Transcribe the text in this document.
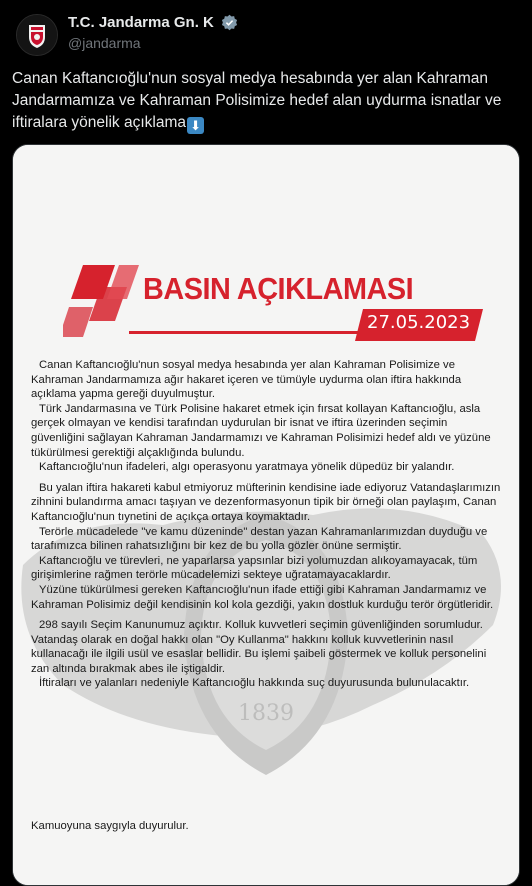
T.C. Jandarma Gn. K
@jandarma
Canan Kaftancıoğlu'nun sosyal medya hesabında yer alan Kahraman Jandarmamıza ve Kahraman Polisimize hedef alan uydurma isnatlar ve iftiralara yönelik açıklama ⬇
1839
BASIN AÇIKLAMASI
27.05.2023

Canan Kaftancıoğlu'nun sosyal medya hesabında yer alan Kahraman Polisimize ve Kahraman Jandarmamıza ağır hakaret içeren ve tümüyle uydurma olan iftira hakkında açıklama yapma gereği duyulmuştur.

Türk Jandarmasına ve Türk Polisine hakaret etmek için fırsat kollayan Kaftancıoğlu, asla gerçek olmayan ve kendisi tarafından uydurulan bir isnat ve iftira üzerinden seçimin güvenliğini sağlayan Kahraman Jandarmamızı ve Kahraman Polisimizi hedef aldı ve yüzüne tükürülmesi gerektiği alçaklığında bulundu.

Kaftancıoğlu'nun ifadeleri, algı operasyonu yaratmaya yönelik düpedüz bir yalandır.

Bu yalan iftira hakareti kabul etmiyoruz müfterinin kendisine iade ediyoruz Vatandaşlarımızın zihnini bulandırma amacı taşıyan ve dezenformasyonun tipik bir örneği olan paylaşım, Canan Kaftancıoğlu'nun tıynetini de açıkça ortaya koymaktadır.

Terörle mücadelede "ve kamu düzeninde" destan yazan Kahramanlarımızdan duyduğu ve tarafımızca bilinen rahatsızlığını bir kez de bu yolla gözler önüne sermiştir.

Kaftancıoğlu ve türevleri, ne yaparlarsa yapsınlar bizi yolumuzdan alıkoyamayacak, tüm girişimlerine rağmen terörle mücadelemizi sekteye uğratamayacaklardır.

Yüzüne tükürülmesi gereken Kaftancıoğlu'nun ifade ettiği gibi Kahraman Jandarmamız ve Kahraman Polisimiz değil kendisinin kol kola gezdiği, yakın dostluk kurduğu terör örgütleridir.

298 sayılı Seçim Kanunumuz açıktır. Kolluk kuvvetleri seçimin güvenliğinden sorumludur. Vatandaş olarak en doğal hakkı olan "Oy Kullanma" hakkını kolluk kuvvetlerinin nasıl kullanacağı ile ilgili usül ve esaslar bellidir. Bu işlemi şaibeli göstermek ve kolluk personelini zan altında bırakmak abes ile iştigaldir.

İftiraları ve yalanları nedeniyle Kaftancıoğlu hakkında suç duyurusunda bulunulacaktır.

Kamuoyuna saygıyla duyurulur.
